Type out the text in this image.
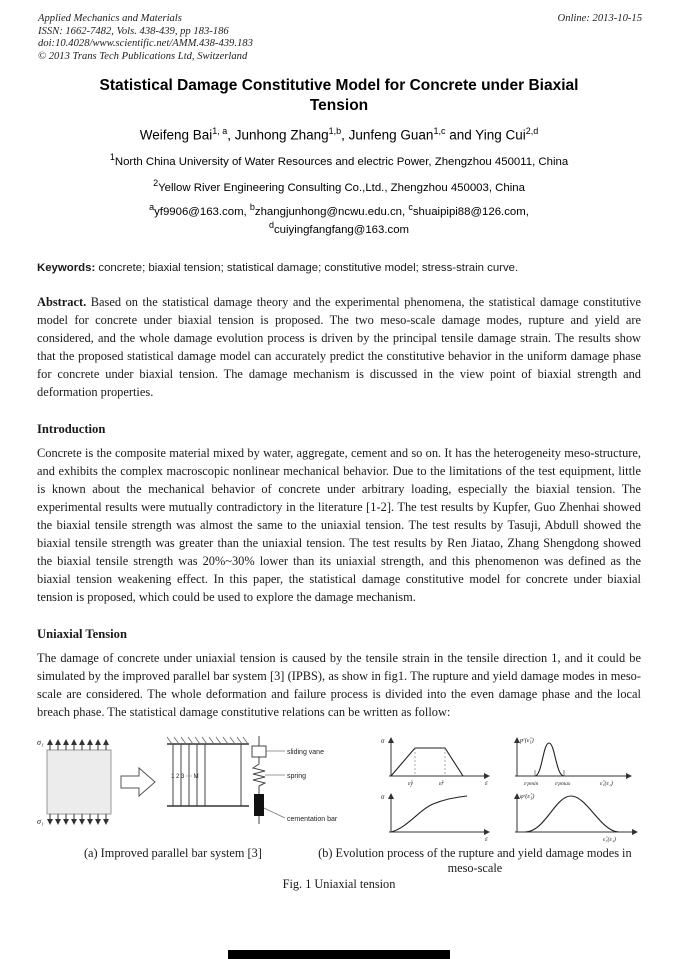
Applied Mechanics and Materials
ISSN: 1662-7482, Vols. 438-439, pp 183-186
doi:10.4028/www.scientific.net/AMM.438-439.183
© 2013 Trans Tech Publications Ltd, Switzerland
Online: 2013-10-15
Statistical Damage Constitutive Model for Concrete under Biaxial Tension

Weifeng Bai$^{1, a}$, Junhong Zhang$^{1,b}$, Junfeng Guan$^{1,c}$ and Ying Cui$^{2,d}$

$^1$North China University of Water Resources and electric Power, Zhengzhou 450011, China

$^2$Yellow River Engineering Consulting Co.,Ltd., Zhengzhou 450003, China

$^a$yf9906@163.com, $^b$zhangjunhong@ncwu.edu.cn, $^c$shuaipipi88@126.com,
$^d$cuiyingfangfang@163.com

Keywords: concrete; biaxial tension; statistical damage; constitutive model; stress-strain curve.

Abstract. Based on the statistical damage theory and the experimental phenomena, the statistical damage constitutive model for concrete under biaxial tension is proposed. The two meso-scale damage modes, rupture and yield are considered, and the whole damage evolution process is driven by the principal tensile damage strain. The results show that the proposed statistical damage model can accurately predict the constitutive behavior in the uniform damage phase for concrete under biaxial tension. The damage mechanism is discussed in the view point of biaxial strength and deformation properties.

Introduction

Concrete is the composite material mixed by water, aggregate, cement and so on. It has the heterogeneity meso-structure, and exhibits the complex macroscopic nonlinear mechanical behavior. Due to the limitations of the test equipment, little is known about the mechanical behavior of concrete under arbitrary loading, especially the biaxial tension. The experimental results were mutually contradictory in the literature [1-2]. The test results by Kupfer, Guo Zhenhai showed the biaxial tensile strength was almost the same to the uniaxial tension. The test results by Tasuji, Abdull showed the biaxial tensile strength was greater than the uniaxial tension. The test results by Ren Jiatao, Zhang Shengdong showed the biaxial tensile strength was 20%~30% lower than its uniaxial strength, and this phenomenon was defined as the biaxial tension weakening effect. In this paper, the statistical damage constitutive model for concrete under biaxial tension is proposed, which could be used to explore the damage mechanism.

Uniaxial Tension

The damage of concrete under uniaxial tension is caused by the tensile strain in the tensile direction 1, and it could be simulated by the improved parallel bar system [3] (IPBS), as show in fig1. The rupture and yield damage modes in meso-scale are considered. The whole deformation and failure process is divided into the even damage phase and the local breach phase. The statistical damage constitutive relations can be written as follow:

σ₁
σ₁
1 2 3 ⋯ M
sliding vane
spring
cementation bar
σ
ε̂y	ε̂r	ε
pʳ(ε̂₁)
εʳpmin	εʳpmax	ε̂₁(ε₁)
σ
ε
φʸ(ε̂₁)
ε̂₁(ε₁)
(a) Improved parallel bar system [3]	(b) Evolution process of the rupture and yield damage modes in meso-scale
Fig. 1 Uniaxial tension
